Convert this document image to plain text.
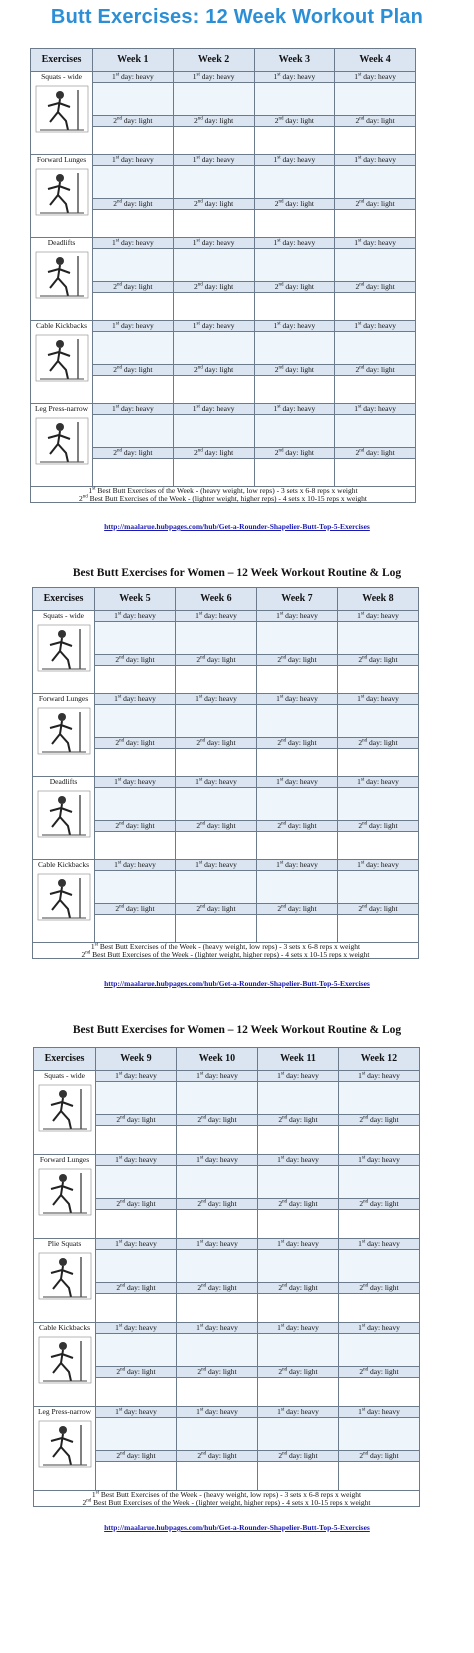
Butt Exercises: 12 Week Workout Plan
Exercises	Week 1	Week 2	Week 3	Week 4

Squats - wide	1st day: heavy	1st day: heavy	1st day: heavy	1st day: heavy

	2nd day: light	2nd day: light	2nd day: light	2nd day: light

Forward Lunges	1st day: heavy	1st day: heavy	1st day: heavy	1st day: heavy

	2nd day: light	2nd day: light	2nd day: light	2nd day: light

Deadlifts	1st day: heavy	1st day: heavy	1st day: heavy	1st day: heavy

	2nd day: light	2nd day: light	2nd day: light	2nd day: light

Cable Kickbacks	1st day: heavy	1st day: heavy	1st day: heavy	1st day: heavy

	2nd day: light	2nd day: light	2nd day: light	2nd day: light

Leg Press-narrow	1st day: heavy	1st day: heavy	1st day: heavy	1st day: heavy

	2nd day: light	2nd day: light	2nd day: light	2nd day: light

1st Best Butt Exercises of the Week - (heavy weight, low reps) - 3 sets x 6-8 reps x weight
2nd Best Butt Exercises of the Week - (lighter weight, higher reps) - 4 sets x 10-15 reps x weight				
http://maalarue.hubpages.com/hub/Get-a-Rounder-Shapelier-Butt-Top-5-Exercises
Best Butt Exercises for Women – 12 Week Workout Routine & Log
Exercises	Week 5	Week 6	Week 7	Week 8

Squats - wide	1st day: heavy	1st day: heavy	1st day: heavy	1st day: heavy

	2nd day: light	2nd day: light	2nd day: light	2nd day: light

Forward Lunges	1st day: heavy	1st day: heavy	1st day: heavy	1st day: heavy

	2nd day: light	2nd day: light	2nd day: light	2nd day: light

Deadlifts	1st day: heavy	1st day: heavy	1st day: heavy	1st day: heavy

	2nd day: light	2nd day: light	2nd day: light	2nd day: light

Cable Kickbacks	1st day: heavy	1st day: heavy	1st day: heavy	1st day: heavy

	2nd day: light	2nd day: light	2nd day: light	2nd day: light

1st Best Butt Exercises of the Week - (heavy weight, low reps) - 3 sets x 6-8 reps x weight
2nd Best Butt Exercises of the Week - (lighter weight, higher reps) - 4 sets x 10-15 reps x weight				
http://maalarue.hubpages.com/hub/Get-a-Rounder-Shapelier-Butt-Top-5-Exercises
Best Butt Exercises for Women – 12 Week Workout Routine & Log
Exercises	Week 9	Week 10	Week 11	Week 12

Squats - wide	1st day: heavy	1st day: heavy	1st day: heavy	1st day: heavy

	2nd day: light	2nd day: light	2nd day: light	2nd day: light

Forward Lunges	1st day: heavy	1st day: heavy	1st day: heavy	1st day: heavy

	2nd day: light	2nd day: light	2nd day: light	2nd day: light

Plie Squats	1st day: heavy	1st day: heavy	1st day: heavy	1st day: heavy

	2nd day: light	2nd day: light	2nd day: light	2nd day: light

Cable Kickbacks	1st day: heavy	1st day: heavy	1st day: heavy	1st day: heavy

	2nd day: light	2nd day: light	2nd day: light	2nd day: light

Leg Press-narrow	1st day: heavy	1st day: heavy	1st day: heavy	1st day: heavy

	2nd day: light	2nd day: light	2nd day: light	2nd day: light

1st Best Butt Exercises of the Week - (heavy weight, low reps) - 3 sets x 6-8 reps x weight
2nd Best Butt Exercises of the Week - (lighter weight, higher reps) - 4 sets x 10-15 reps x weight				
http://maalarue.hubpages.com/hub/Get-a-Rounder-Shapelier-Butt-Top-5-Exercises
